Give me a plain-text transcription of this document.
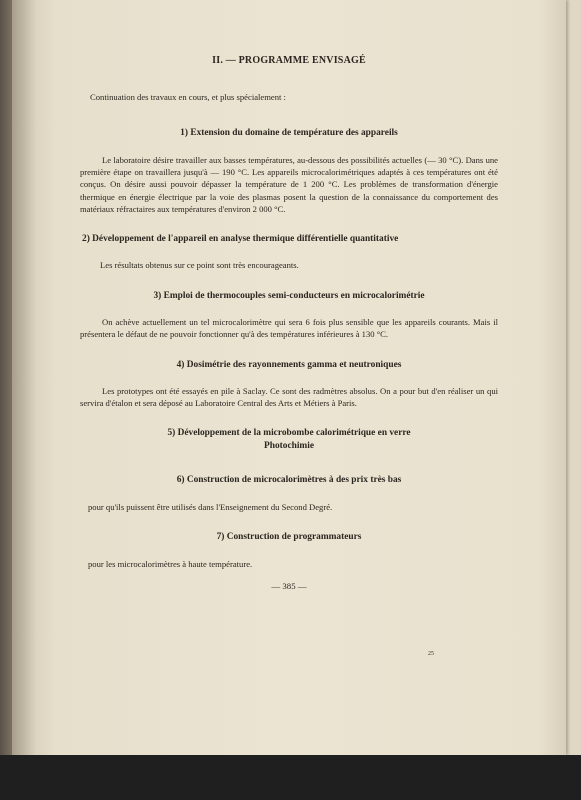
II. — PROGRAMME ENVISAGÉ
Continuation des travaux en cours, et plus spécialement :
1) Extension du domaine de température des appareils
Le laboratoire désire travailler aux basses températures, au-dessous des possibilités actuelles (— 30 °C). Dans une première étape on travaillera jusqu'à — 190 °C. Les appareils microcalorimétriques adaptés à ces températures ont été conçus. On désire aussi pouvoir dépasser la température de 1 200 °C. Les problèmes de transformation d'énergie thermique en énergie électrique par la voie des plasmas posent la question de la connaissance du comportement des matériaux réfractaires aux températures d'environ 2 000 °C.
2) Développement de l'appareil en analyse thermique différentielle quantitative
Les résultats obtenus sur ce point sont très encourageants.
3) Emploi de thermocouples semi-conducteurs en microcalorimétrie
On achève actuellement un tel microcalorimètre qui sera 6 fois plus sensible que les appareils courants. Mais il présentera le défaut de ne pouvoir fonctionner qu'à des températures inférieures à 130 °C.
4) Dosimétrie des rayonnements gamma et neutroniques
Les prototypes ont été essayés en pile à Saclay. Ce sont des radmètres absolus. On a pour but d'en réaliser un qui servira d'étalon et sera déposé au Laboratoire Central des Arts et Métiers à Paris.
5) Développement de la microbombe calorimétrique en verre
Photochimie
6) Construction de microcalorimètres à des prix très bas
pour qu'ils puissent être utilisés dans l'Enseignement du Second Degré.
7) Construction de programmateurs
pour les microcalorimètres à haute température.
— 385 —
25
